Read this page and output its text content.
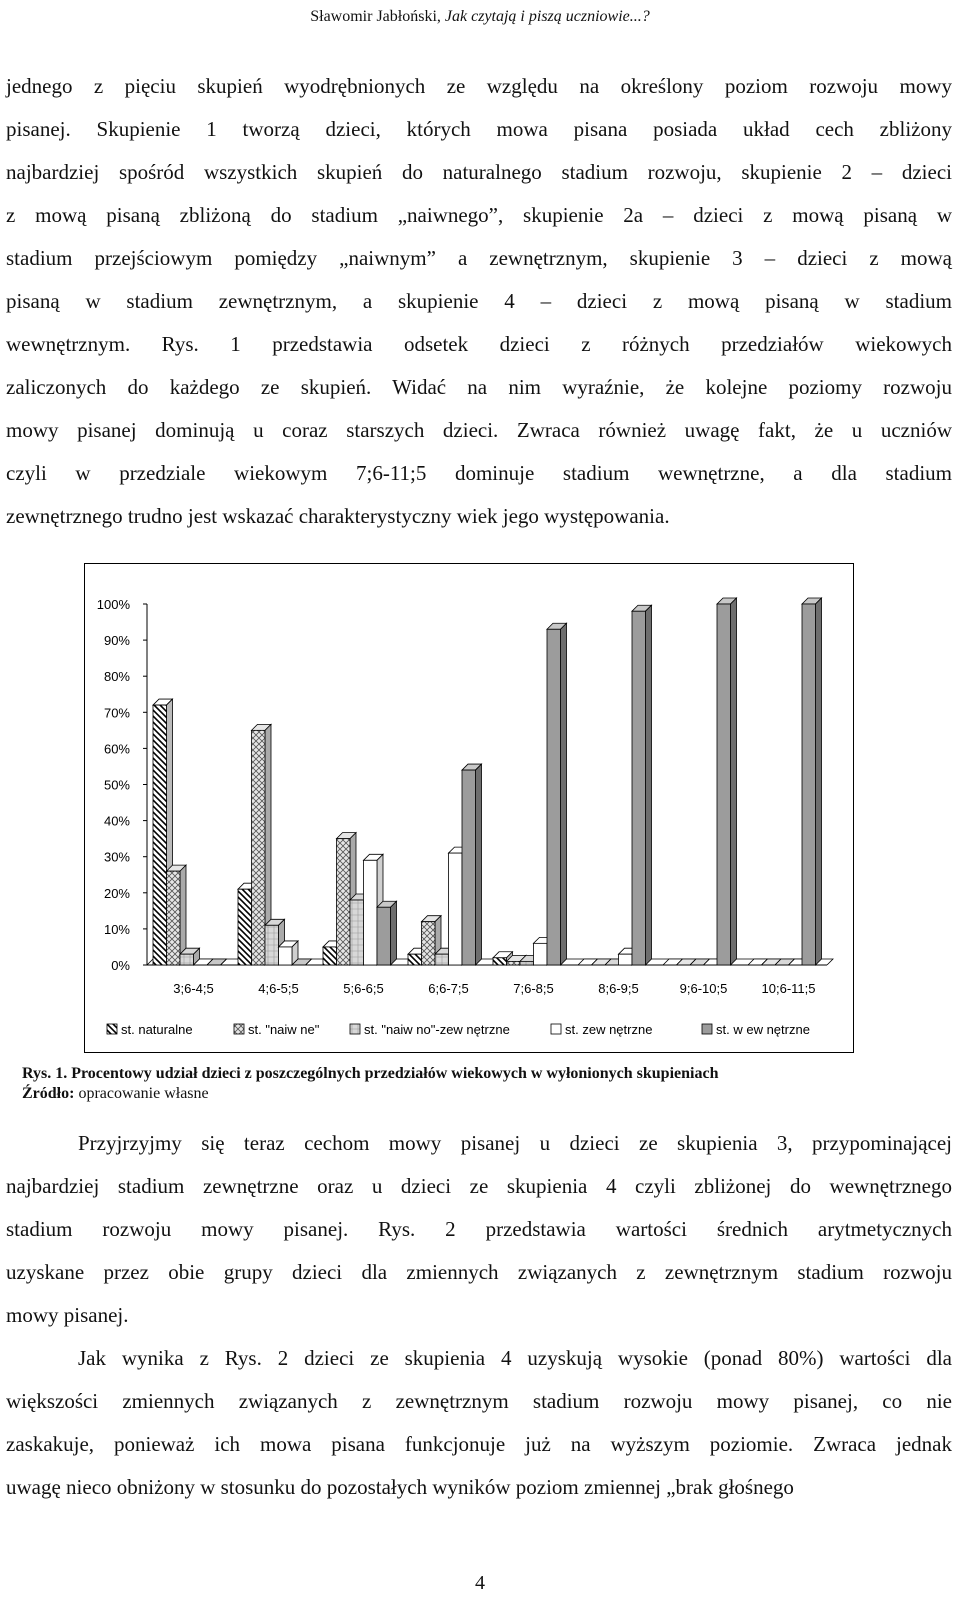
Sławomir Jabłoński, Jak czytają i piszą uczniowie...?
jednego z pięciu skupień wyodrębnionych ze względu na określony poziom rozwoju mowy
pisanej. Skupienie 1 tworzą dzieci, których mowa pisana posiada układ cech zbliżony
najbardziej spośród wszystkich skupień do naturalnego stadium rozwoju, skupienie 2 – dzieci
z mową pisaną zbliżoną do stadium „naiwnego”, skupienie 2a – dzieci z mową pisaną w
stadium przejściowym pomiędzy „naiwnym” a zewnętrznym, skupienie 3 – dzieci z mową
pisaną w stadium zewnętrznym, a skupienie 4 – dzieci z mową pisaną w stadium
wewnętrznym. Rys. 1 przedstawia odsetek dzieci z różnych przedziałów wiekowych
zaliczonych do każdego ze skupień. Widać na nim wyraźnie, że kolejne poziomy rozwoju
mowy pisanej dominują u coraz starszych dzieci. Zwraca również uwagę fakt, że u uczniów
czyli w przedziale wiekowym 7;6-11;5 dominuje stadium wewnętrzne, a dla stadium
zewnętrznego trudno jest wskazać charakterystyczny wiek jego występowania.
0%
10%
20%
30%
40%
50%
60%
70%
80%
90%
100%
3;6-4;5	4;6-5;5	5;6-6;5	6;6-7;5	7;6-8;5	8;6-9;5	9;6-10;5	10;6-11;5
st. naturalne	st. "naiw ne"	st. "naiw no"-zew nętrzne	st. zew nętrzne	st. w ew nętrzne
Rys. 1. Procentowy udział dzieci z poszczególnych przedziałów wiekowych w wyłonionych skupieniach
Źródło: opracowanie własne
Przyjrzyjmy się teraz cechom mowy pisanej u dzieci ze skupienia 3, przypominającej
najbardziej stadium zewnętrzne oraz u dzieci ze skupienia 4 czyli zbliżonej do wewnętrznego
stadium rozwoju mowy pisanej. Rys. 2 przedstawia wartości średnich arytmetycznych
uzyskane przez obie grupy dzieci dla zmiennych związanych z zewnętrznym stadium rozwoju
mowy pisanej.
Jak wynika z Rys. 2 dzieci ze skupienia 4 uzyskują wysokie (ponad 80%) wartości dla
większości zmiennych związanych z zewnętrznym stadium rozwoju mowy pisanej, co nie
zaskakuje, ponieważ ich mowa pisana funkcjonuje już na wyższym poziomie. Zwraca jednak
uwagę nieco obniżony w stosunku do pozostałych wyników poziom zmiennej „brak głośnego
4
